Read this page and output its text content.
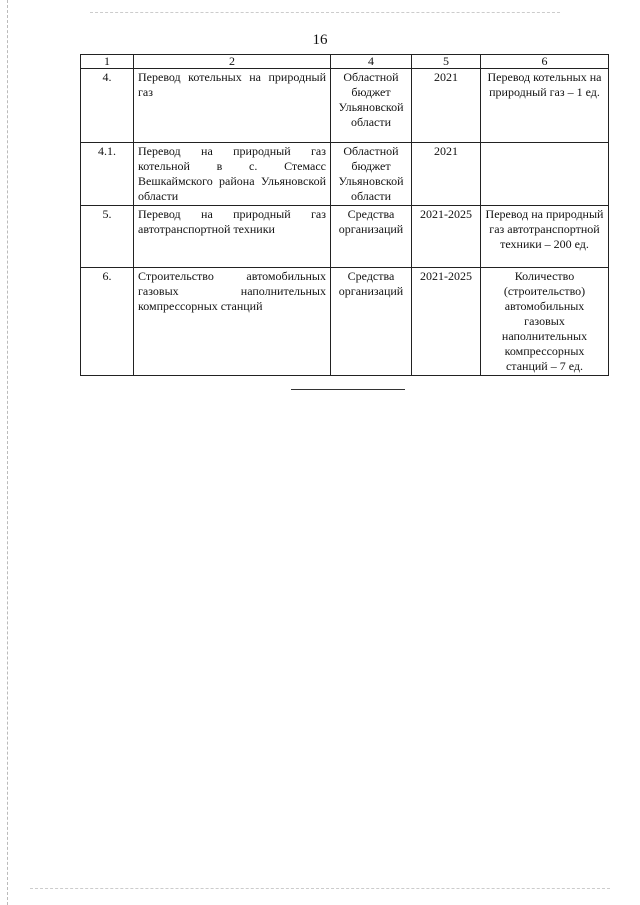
16
1	2	4	5	6
4.	Перевод котельных на природный газ	Областной бюджет Ульяновской области	2021	Перевод котельных на природный газ – 1 ед.
4.1.	Перевод на природный газ котельной в с. Стемасс Вешкаймского района Ульяновской области	Областной бюджет Ульяновской области	2021	
5.	Перевод на природный газ автотранспортной техники	Средства организаций	2021-2025	Перевод на природный газ автотранспортной техники – 200 ед.
6.	Строительство автомобильных газовых наполнительных компрессорных станций	Средства организаций	2021-2025	Количество (строительство) автомобильных газовых наполнительных компрессорных станций – 7 ед.
